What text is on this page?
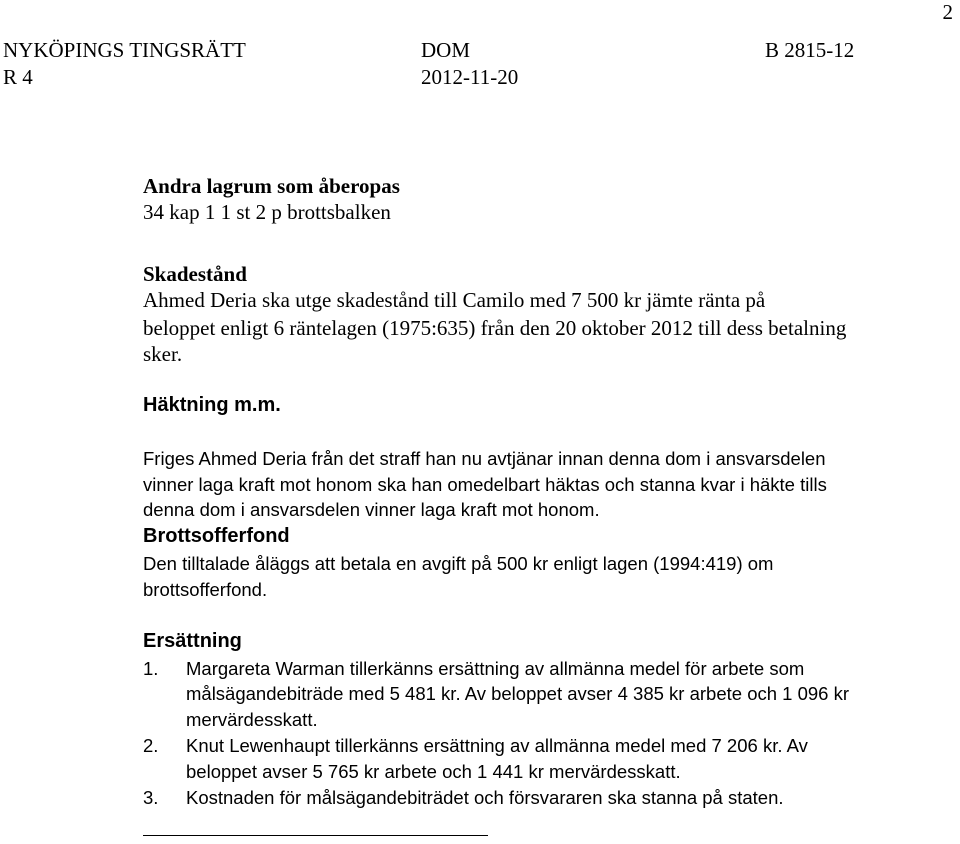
2
NYKÖPINGS TINGSRÄTT
R 4
DOM
2012-11-20
B 2815-12
Andra lagrum som åberopas
34 kap 1 1 st 2 p brottsbalken
Skadestånd
Ahmed Deria ska utge skadestånd till Camilo med 7 500 kr jämte ränta på
beloppet enligt 6 räntelagen (1975:635) från den 20 oktober 2012 till dess betalning
sker.
Häktning m.m.
Friges Ahmed Deria från det straff han nu avtjänar innan denna dom i ansvarsdelen
vinner laga kraft mot honom ska han omedelbart häktas och stanna kvar i häkte tills
denna dom i ansvarsdelen vinner laga kraft mot honom.
Brottsofferfond
Den tilltalade åläggs att betala en avgift på 500 kr enligt lagen (1994:419) om
brottsofferfond.
Ersättning
1. Margareta Warman tillerkänns ersättning av allmänna medel för arbete som
målsägandebiträde med 5 481 kr. Av beloppet avser 4 385 kr arbete och 1 096 kr
mervärdesskatt.
2. Knut Lewenhaupt tillerkänns ersättning av allmänna medel med 7 206 kr. Av
beloppet avser 5 765 kr arbete och 1 441 kr mervärdesskatt.
3. Kostnaden för målsägandebiträdet och försvararen ska stanna på staten.
